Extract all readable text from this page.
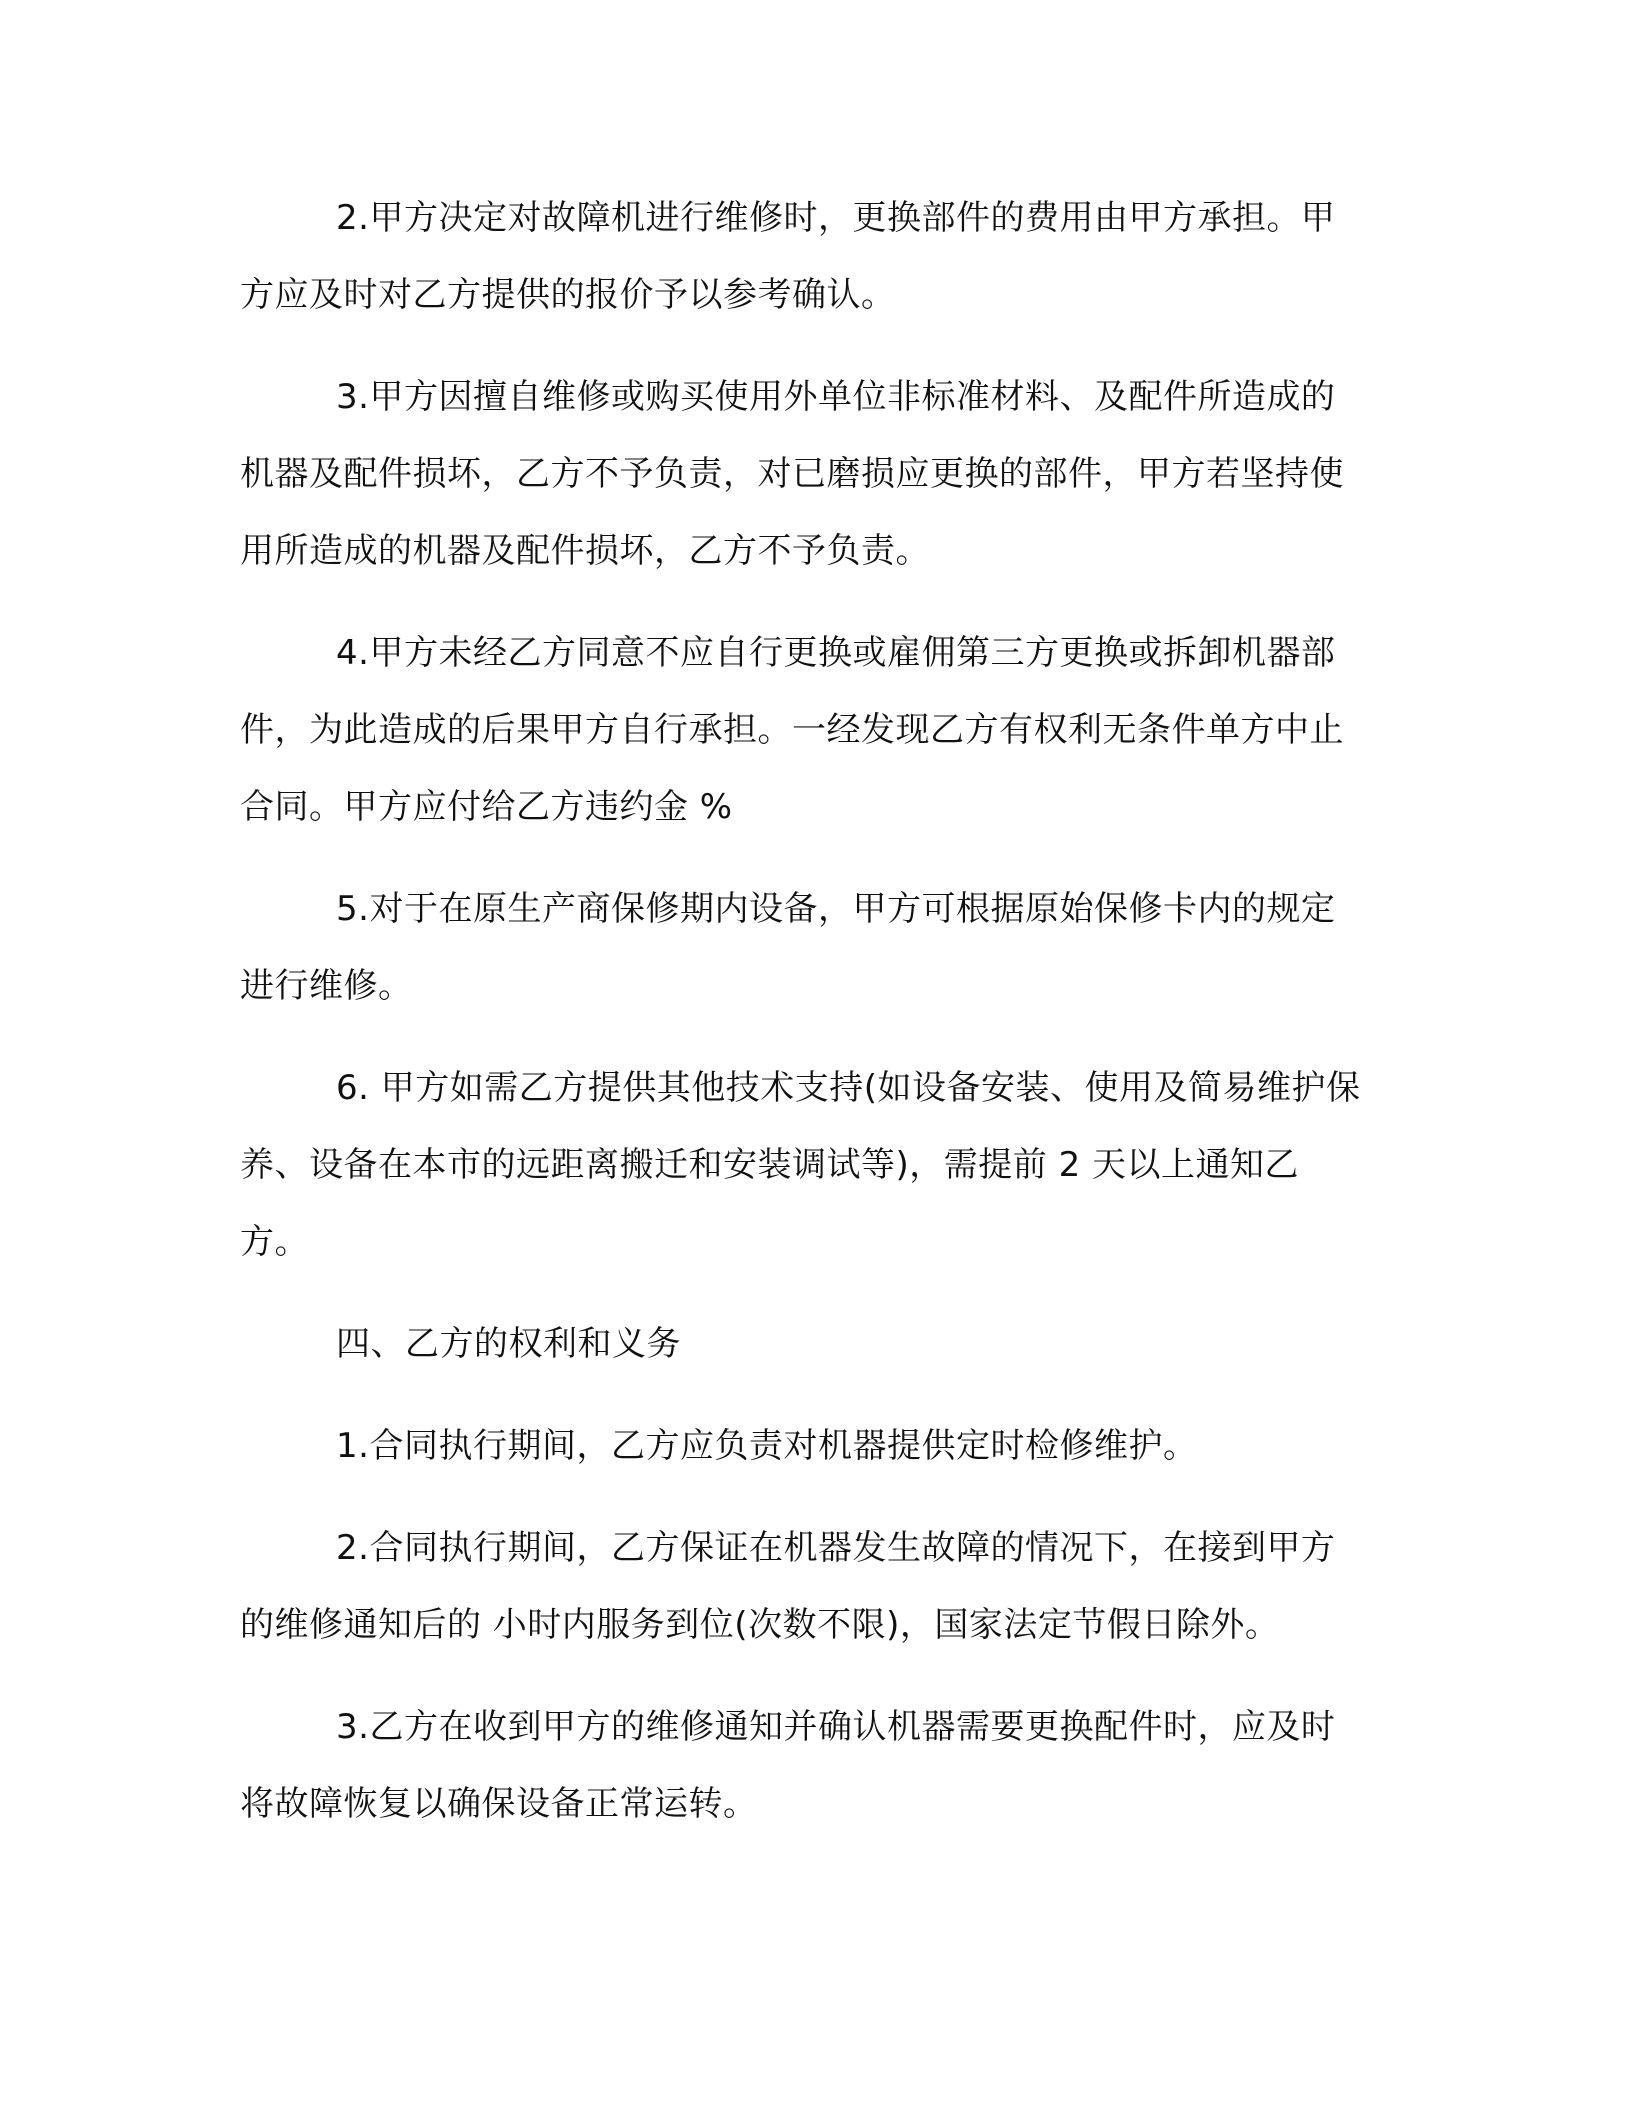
2.甲方决定对故障机进行维修时，更换部件的费用由甲方承担。甲方应及时对乙方提供的报价予以参考确认。

3.甲方因擅自维修或购买使用外单位非标准材料、及配件所造成的机器及配件损坏，乙方不予负责，对已磨损应更换的部件，甲方若坚持使用所造成的机器及配件损坏，乙方不予负责。

4.甲方未经乙方同意不应自行更换或雇佣第三方更换或拆卸机器部件，为此造成的后果甲方自行承担。一经发现乙方有权利无条件单方中止合同。甲方应付给乙方违约金 %

5.对于在原生产商保修期内设备，甲方可根据原始保修卡内的规定进行维修。

6. 甲方如需乙方提供其他技术支持(如设备安装、使用及简易维护保养、设备在本市的远距离搬迁和安装调试等)，需提前 2 天以上通知乙方。

四、乙方的权利和义务

1.合同执行期间，乙方应负责对机器提供定时检修维护。

2.合同执行期间，乙方保证在机器发生故障的情况下，在接到甲方的维修通知后的 小时内服务到位(次数不限)，国家法定节假日除外。

3.乙方在收到甲方的维修通知并确认机器需要更换配件时，应及时将故障恢复以确保设备正常运转。
